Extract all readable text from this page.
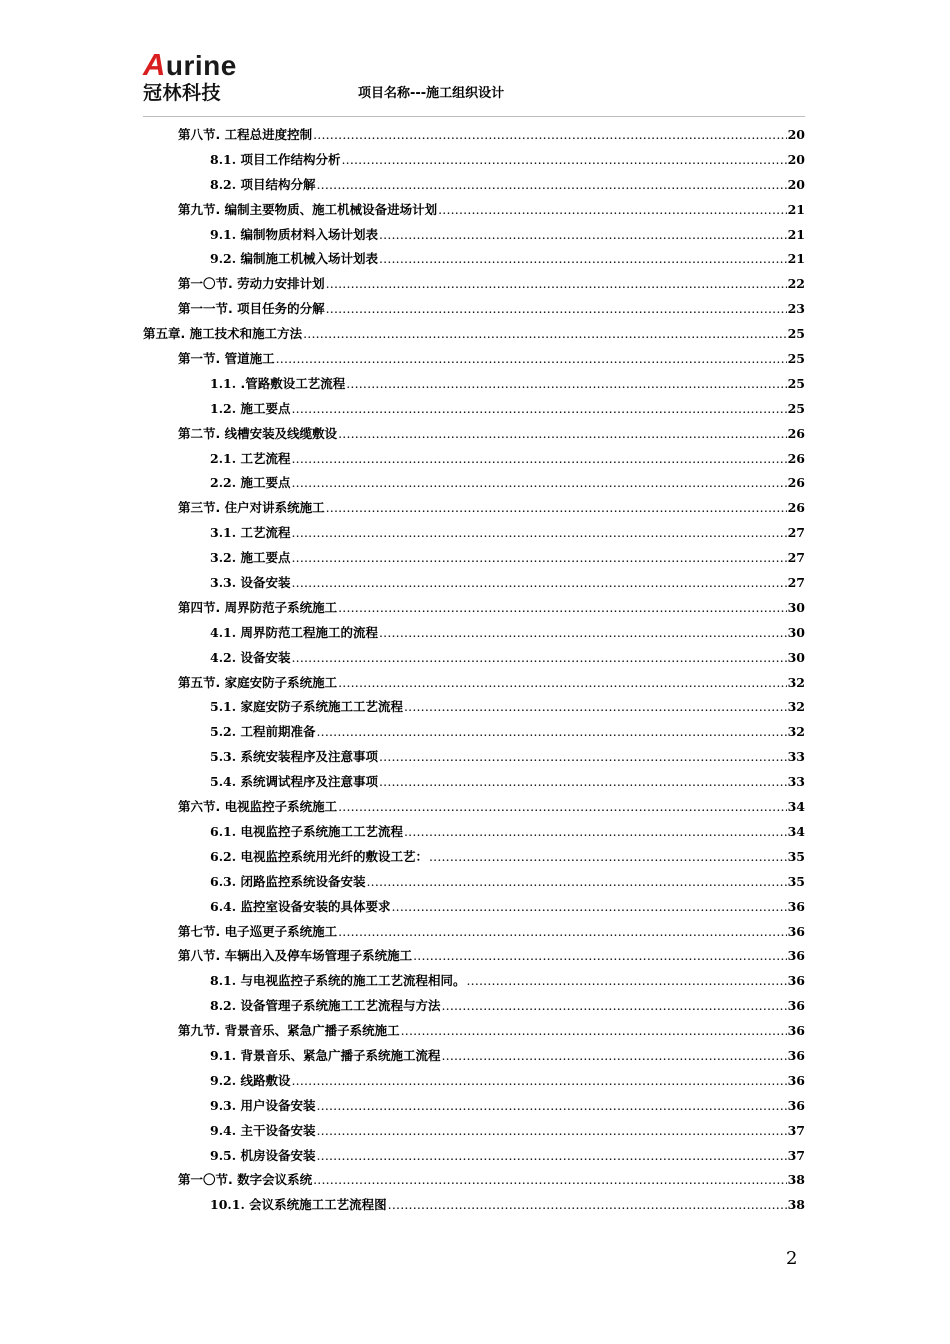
Aurine
冠林科技	项目名称---施工组织设计
第八节. 工程总进度控制 .....	20
8.1. 项目工作结构分析 .....	20
8.2. 项目结构分解 .....	20
第九节. 编制主要物质、施工机械设备进场计划 .....	21
9.1. 编制物质材料入场计划表 .....	21
9.2. 编制施工机械入场计划表 .....	21
第一〇节. 劳动力安排计划 .....	22
第一一节. 项目任务的分解 .....	23
第五章. 施工技术和施工方法 .....	25
第一节. 管道施工 .....	25
1.1. .管路敷设工艺流程 .....	25
1.2. 施工要点 .....	25
第二节. 线槽安装及线缆敷设 .....	26
2.1. 工艺流程 .....	26
2.2. 施工要点 .....	26
第三节. 住户对讲系统施工 .....	26
3.1. 工艺流程 .....	27
3.2. 施工要点 .....	27
3.3. 设备安装 .....	27
第四节. 周界防范子系统施工 .....	30
4.1. 周界防范工程施工的流程 .....	30
4.2. 设备安装 .....	30
第五节. 家庭安防子系统施工 .....	32
5.1. 家庭安防子系统施工工艺流程 .....	32
5.2. 工程前期准备 .....	32
5.3. 系统安装程序及注意事项 .....	33
5.4. 系统调试程序及注意事项 .....	33
第六节. 电视监控子系统施工 .....	34
6.1. 电视监控子系统施工工艺流程 .....	34
6.2. 电视监控系统用光纤的敷设工艺： .....	35
6.3. 闭路监控系统设备安装 .....	35
6.4. 监控室设备安装的具体要求 .....	36
第七节. 电子巡更子系统施工 .....	36
第八节. 车辆出入及停车场管理子系统施工 .....	36
8.1. 与电视监控子系统的施工工艺流程相同。 .....	36
8.2. 设备管理子系统施工工艺流程与方法 .....	36
第九节. 背景音乐、紧急广播子系统施工 .....	36
9.1. 背景音乐、紧急广播子系统施工流程 .....	36
9.2. 线路敷设 .....	36
9.3. 用户设备安装 .....	36
9.4. 主干设备安装 .....	37
9.5. 机房设备安装 .....	37
第一〇节. 数字会议系统 .....	38
10.1. 会议系统施工工艺流程图 .....	38
2
